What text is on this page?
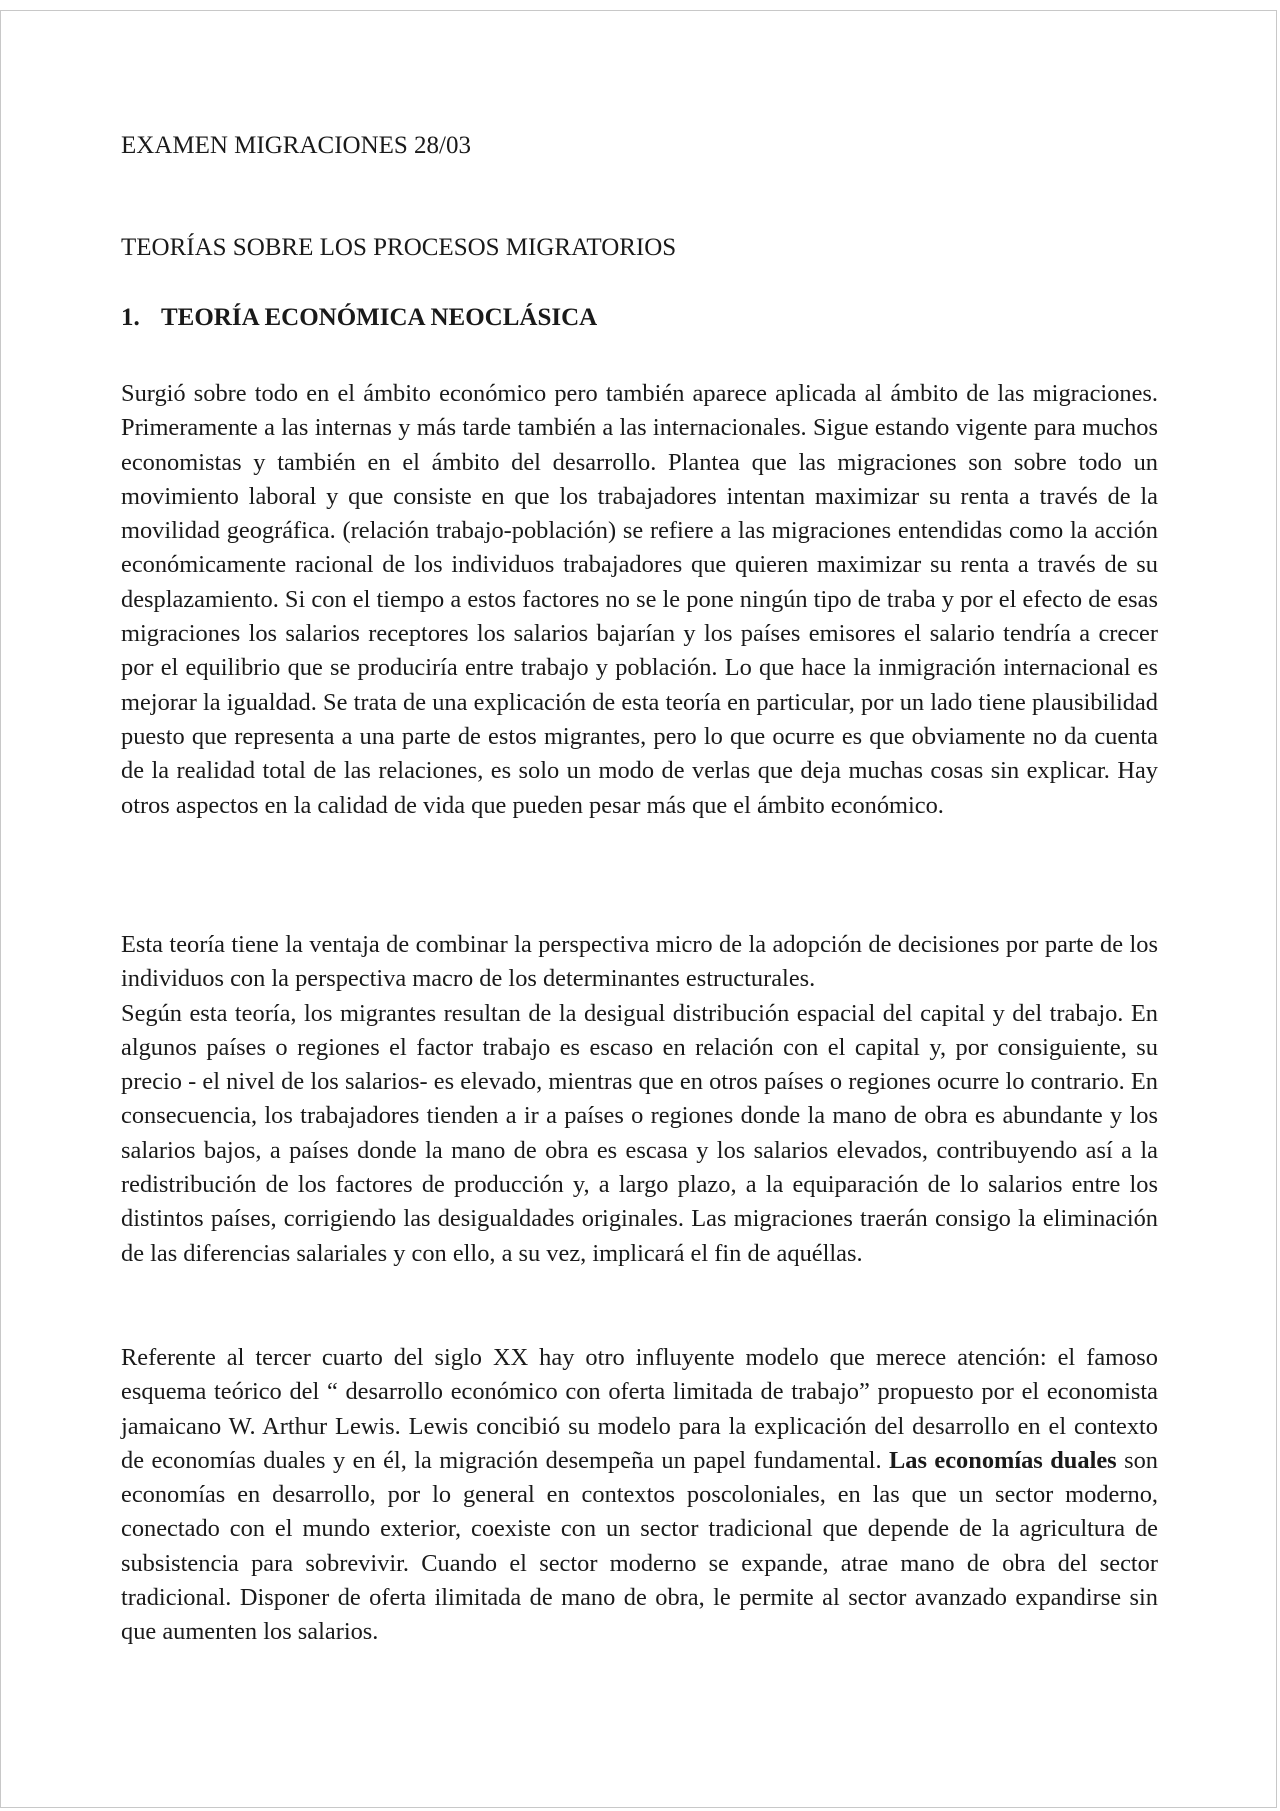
EXAMEN MIGRACIONES 28/03
TEORÍAS SOBRE LOS PROCESOS MIGRATORIOS
1. TEORÍA ECONÓMICA NEOCLÁSICA

Surgió sobre todo en el ámbito económico pero también aparece aplicada al ámbito de las migraciones. Primeramente a las internas y más tarde también a las internacionales. Sigue estando vigente para muchos economistas y también en el ámbito del desarrollo. Plantea que las migraciones son sobre todo un movimiento laboral y que consiste en que los trabajadores intentan maximizar su renta a través de la movilidad geográfica. (relación trabajo-población) se refiere a las migraciones entendidas como la acción económicamente racional de los individuos trabajadores que quieren maximizar su renta a través de su desplazamiento. Si con el tiempo a estos factores no se le pone ningún tipo de traba y por el efecto de esas migraciones los salarios receptores los salarios bajarían y los países emisores el salario tendría a crecer por el equilibrio que se produciría entre trabajo y población. Lo que hace la inmigración internacional es mejorar la igualdad. Se trata de una explicación de esta teoría en particular, por un lado tiene plausibilidad puesto que representa a una parte de estos migrantes, pero lo que ocurre es que obviamente no da cuenta de la realidad total de las relaciones, es solo un modo de verlas que deja muchas cosas sin explicar. Hay otros aspectos en la calidad de vida que pueden pesar más que el ámbito económico.

Esta teoría tiene la ventaja de combinar la perspectiva micro de la adopción de decisiones por parte de los individuos con la perspectiva macro de los determinantes estructurales.
Según esta teoría, los migrantes resultan de la desigual distribución espacial del capital y del trabajo. En algunos países o regiones el factor trabajo es escaso en relación con el capital y, por consiguiente, su precio - el nivel de los salarios- es elevado, mientras que en otros países o regiones ocurre lo contrario. En consecuencia, los trabajadores tienden a ir a países o regiones donde la mano de obra es abundante y los salarios bajos, a países donde la mano de obra es escasa y los salarios elevados, contribuyendo así a la redistribución de los factores de producción y, a largo plazo, a la equiparación de lo salarios entre los distintos países, corrigiendo las desigualdades originales. Las migraciones traerán consigo la eliminación de las diferencias salariales y con ello, a su vez, implicará el fin de aquéllas.

Referente al tercer cuarto del siglo XX hay otro influyente modelo que merece atención: el famoso esquema teórico del “ desarrollo económico con oferta limitada de trabajo” propuesto por el economista jamaicano W. Arthur Lewis. Lewis concibió su modelo para la explicación del desarrollo en el contexto de economías duales y en él, la migración desempeña un papel fundamental. Las economías duales son economías en desarrollo, por lo general en contextos poscoloniales, en las que un sector moderno, conectado con el mundo exterior, coexiste con un sector tradicional que depende de la agricultura de subsistencia para sobrevivir. Cuando el sector moderno se expande, atrae mano de obra del sector tradicional. Disponer de oferta ilimitada de mano de obra, le permite al sector avanzado expandirse sin que aumenten los salarios.
